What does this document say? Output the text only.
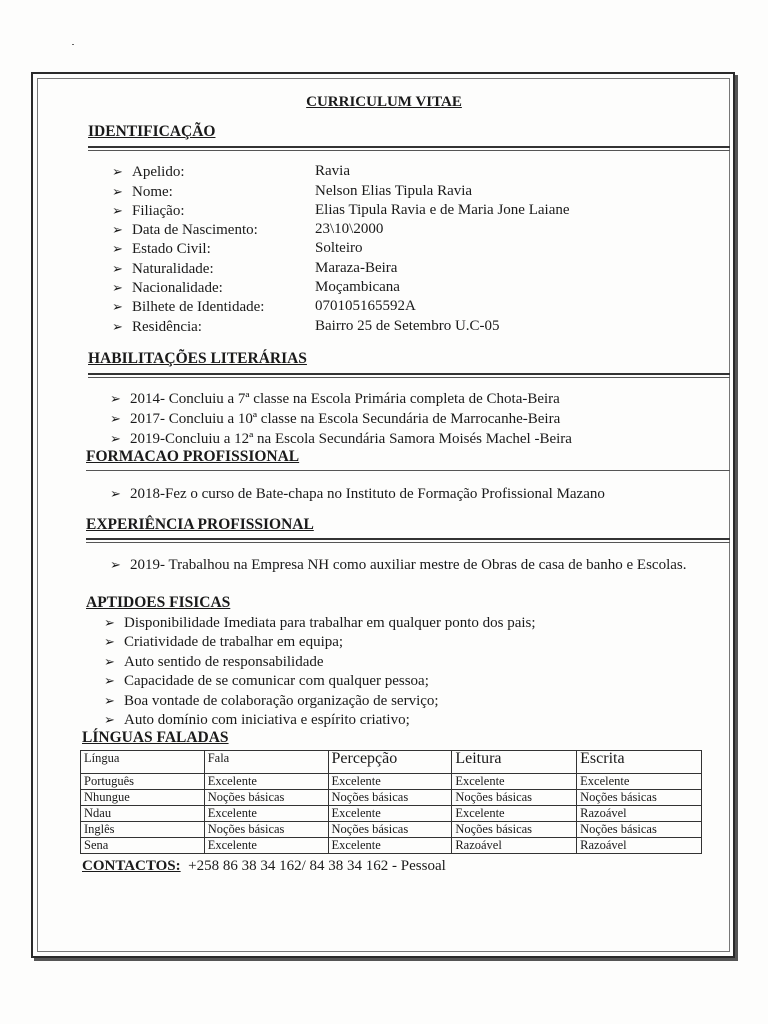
CURRICULUM VITAE
IDENTIFICAÇÃO
➢ Apelido:	Ravia
➢ Nome:	Nelson Elias Tipula Ravia
➢ Filiação:	Elias Tipula Ravia e de Maria Jone Laiane
➢ Data de Nascimento:	23\10\2000
➢ Estado Civil:	Solteiro
➢ Naturalidade:	Maraza-Beira
➢ Nacionalidade:	Moçambicana
➢ Bilhete de Identidade:	070105165592A
➢ Residência:	Bairro 25 de Setembro U.C-05
HABILITAÇÕES LITERÁRIAS
➢ 2014- Concluiu a 7ª classe na Escola Primária completa de Chota-Beira
➢ 2017- Concluiu a 10ª classe na Escola Secundária de Marrocanhe-Beira
➢ 2019-Concluiu a 12ª na Escola Secundária Samora Moisés Machel -Beira
FORMACAO PROFISSIONAL
➢ 2018-Fez o curso de Bate-chapa no Instituto de Formação Profissional Mazano
EXPERIÊNCIA PROFISSIONAL
➢ 2019- Trabalhou na Empresa NH como auxiliar mestre de Obras de casa de banho e Escolas.
APTIDOES FISICAS
➢ Disponibilidade Imediata para trabalhar em qualquer ponto dos pais;
➢ Criatividade de trabalhar em equipa;
➢ Auto sentido de responsabilidade
➢ Capacidade de se comunicar com qualquer pessoa;
➢ Boa vontade de colaboração organização de serviço;
➢ Auto domínio com iniciativa e espírito criativo;
LÍNGUAS FALADAS
Língua	Fala	Percepção	Leitura	Escrita
Português	Excelente	Excelente	Excelente	Excelente
Nhungue	Noções básicas	Noções básicas	Noções básicas	Noções básicas
Ndau	Excelente	Excelente	Excelente	Razoável
Inglês	Noções básicas	Noções básicas	Noções básicas	Noções básicas
Sena	Excelente	Excelente	Razoável	Razoável
CONTACTOS: +258 86 38 34 162/ 84 38 34 162 - Pessoal
